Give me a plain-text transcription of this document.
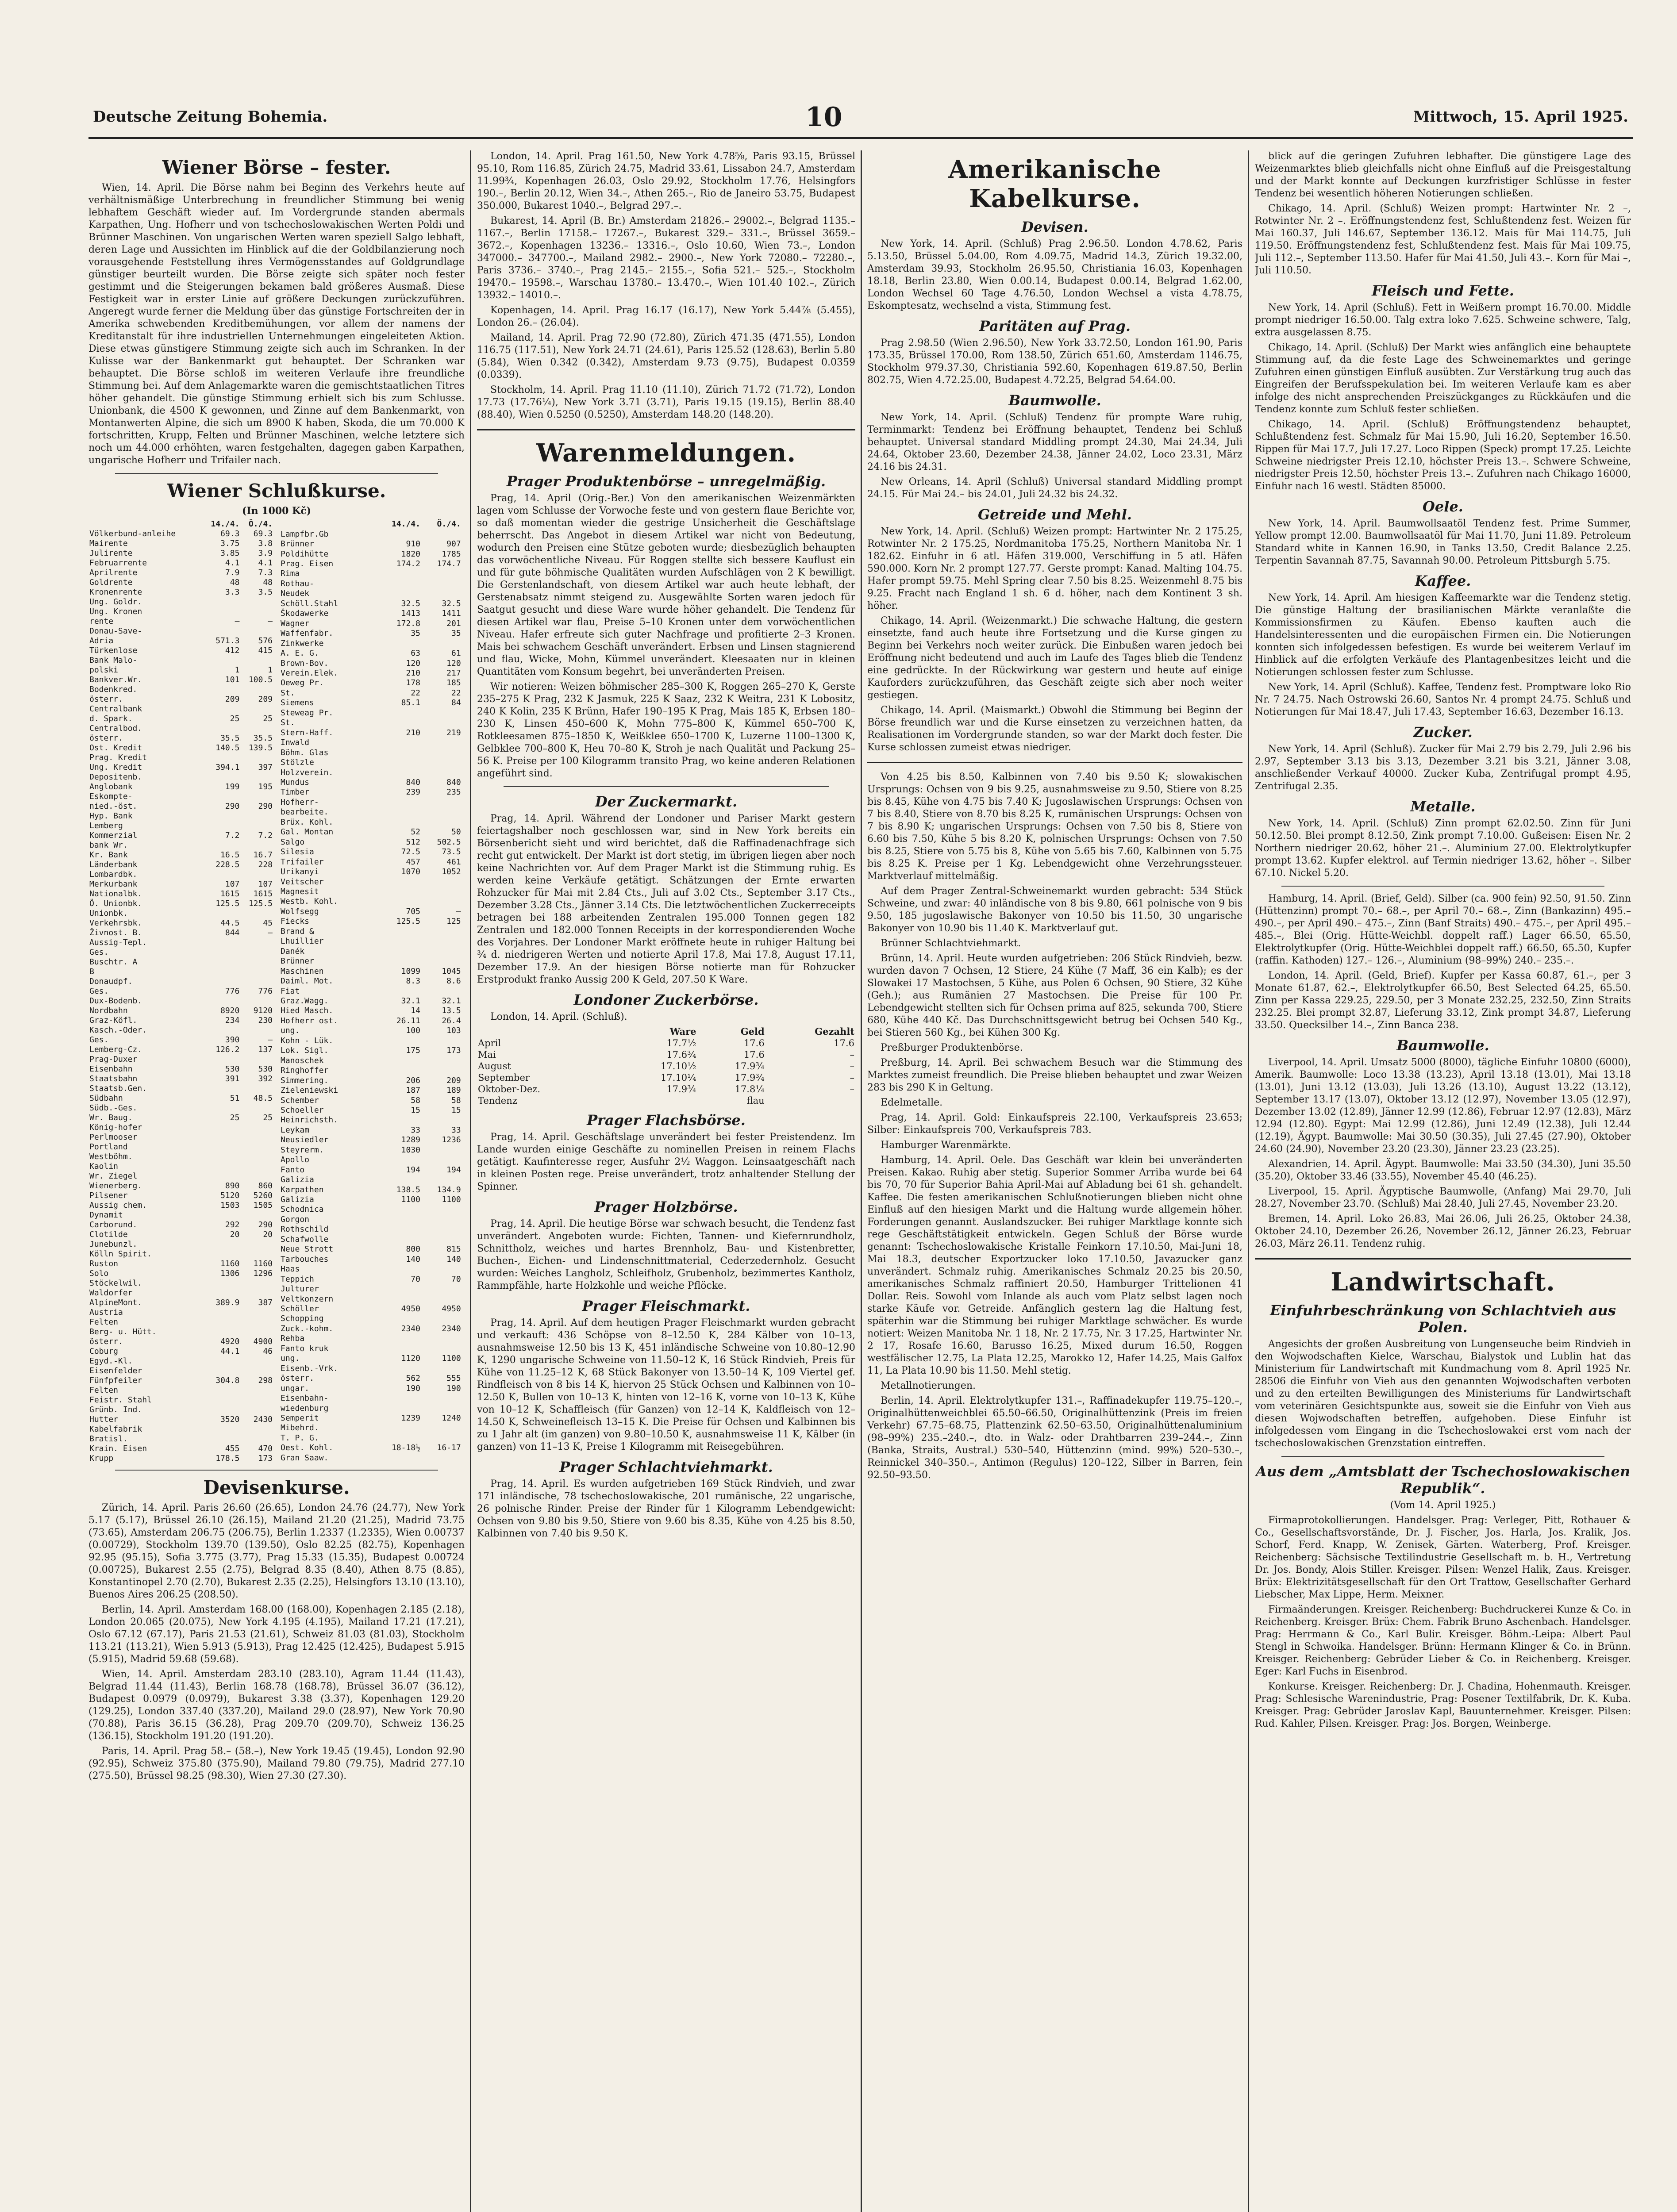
Deutsche Zeitung Bohemia.	10	Mittwoch, 15. April 1925.
Wiener Börse – fester.

Wien, 14. April. Die Börse nahm bei Beginn des Verkehrs heute auf verhältnismäßige Unterbrechung in freundlicher Stimmung bei wenig lebhaftem Geschäft wieder auf. Im Vordergrunde standen abermals Karpathen, Ung. Hofherr und von tschechoslowakischen Werten Poldi und Brünner Maschinen. Von ungarischen Werten waren speziell Salgo lebhaft, deren Lage und Aussichten im Hinblick auf die der Goldbilanzierung noch vorausgehende Feststellung ihres Vermögensstandes auf Goldgrundlage günstiger beurteilt wurden. Die Börse zeigte sich später noch fester gestimmt und die Steigerungen bekamen bald größeres Ausmaß. Diese Festigkeit war in erster Linie auf größere Deckungen zurückzuführen. Angeregt wurde ferner die Meldung über das günstige Fortschreiten der in Amerika schwebenden Kreditbemühungen, vor allem der namens der Kreditanstalt für ihre industriellen Unternehmungen eingeleiteten Aktion. Diese etwas günstigere Stimmung zeigte sich auch im Schranken. In der Kulisse war der Bankenmarkt gut behauptet. Der Schranken war behauptet. Die Börse schloß im weiteren Verlaufe ihre freundliche Stimmung bei. Auf dem Anlagemarkte waren die gemischtstaatlichen Titres höher gehandelt. Die günstige Stimmung erhielt sich bis zum Schlusse. Unionbank, die 4500 K gewonnen, und Zinne auf dem Bankenmarkt, von Montanwerten Alpine, die sich um 8900 K haben, Skoda, die um 70.000 K fortschritten, Krupp, Felten und Brünner Maschinen, welche letztere sich noch um 44.000 erhöhten, waren festgehalten, dagegen gaben Karpathen, ungarische Hofherr und Trifailer nach.

Wiener Schlußkurse.
(In 1000 Kč)
	14./4.	Ö./4.
Völkerbund-anleihe	69.3	69.3
Mairente	3.75	3.8
Julirente	3.85	3.9
Februarrente	4.1	4.1
Aprilrente	7.9	7.3
Goldrente	48	48
Kronenrente	3.3	3.5
Ung. Goldr.		
Ung. Kronen		
rente	–	–
Donau-Save-		
Adria	571.3	576
Türkenlose	412	415
Bank Malo-		
polski	1	1
Bankver.Wr.	101	100.5
Bodenkred.		
österr.	209	209
Centralbank		
d. Spark.	25	25
Centralbod.		
österr.	35.5	35.5
Ost. Kredit	140.5	139.5
Prag. Kredit		
Ung. Kredit	394.1	397
Depositenb.		
Anglobank	199	195
Eskompte-		
nied.-öst.	290	290
Hyp. Bank		
Lemberg		
Kommerzial	7.2	7.2
bank Wr.		
Kr. Bank	16.5	16.7
Länderbank	228.5	228
Lombardbk.		
Merkurbank	107	107
Nationalbk.	1615	1615
Ö. Unionbk.	125.5	125.5
Unionbk.		
Verkehrsbk.	44.5	45
Živnost. B.	844	–
Aussig-Tepl.		
Ges.		
Buschtr. A		
B		
Donaudpf.		
Ges.	776	776
Dux-Bodenb.		
Nordbahn	8920	9120
Graz-Köfl.	234	230
Kasch.-Oder.		
Ges.	390	–
Lemberg-Cz.	126.2	137
Prag-Duxer		
Eisenbahn	530	530
Staatsbahn	391	392
Staatsb.Gen.		
Südbahn	51	48.5
Südb.-Ges.		
Wr. Baug.	25	25
König-hofer		
Perlmooser		
Portland		
Westböhm.		
Kaolin		
Wr. Ziegel		
Wienerberg.	890	860
Pilsener	5120	5260
Aussig chem.	1503	1505
Dynamit		
Carborund.	292	290
Clotilde	20	20
Junebunzl.		
Kölln Spirit.		
Ruston	1160	1160
Solo	1306	1296
Stöckelwil.		
Waldorfer		
AlpineMont.	389.9	387
Austria		
Felten		
Berg- u. Hütt.		
österr.	4920	4900
Coburg	44.1	46
Egyd.-Kl.		
Eisenfelder		
Fünfpfeiler	304.8	298
Felten		
Feistr. Stahl		
Grünb. Ind.		
Hutter	3520	2430
Kabelfabrik		
Bratisl.		
Krain. Eisen	455	470
Krupp	178.5	173
	14./4.	Ö./4.	
Lampfbr.Gb			
Brünner	910	907	
Poldihütte	1820	1785	
Prag. Eisen	174.2	174.7	
Rima			
Rothau-			
Neudek			
Schöll.Stahl	32.5	32.5	
Škodawerke	1413	1411	
Wagner	172.8	201	
Waffenfabr.	35	35	
Zinkwerke			
A. E. G.	63	61	
Brown-Bov.	120	120	
Verein.Elek.	210	217	
Oeweg Pr.	178	185	
St.	22	22	
Siemens	85.1	84	
Steweag Pr.			
St.			
Stern-Haff.	210	219	
Inwald			
Böhm. Glas			
Stölzle			
Holzverein.			
Mundus	840	840	
Timber	239	235	
Hofherr-			
bearbeite.			
Brüx. Kohl.			
Gal. Montan	52	50	
Salgo	512	502.5	
Silesia	72.5	73.5	
Trifailer	457	461	
Urikanyi	1070	1052	
Veitscher			
Magnesit			
Westb. Kohl.			
Wolfsegg	705	–	
Fiecks	125.5	125	
Brand &			
Lhuillier			
Danék			
Brünner			
Maschinen	1099	1045	
Daiml. Mot.	8.3	8.6	
Fiat			
Graz.Wagg.	32.1	32.1	
Hied Masch.	14	13.5	
Hofherr ost.	26.11	26.4	
ung.	100	103	
Kohn - Lük.			
Lok. Sigl.	175	173	
Manoschek			
Ringhoffer			
Simmering.	206	209	
Zieleniewski	187	189	
Schember	58	58	
Schoeller	15	15	
Heinrichsth.			
Leykam	33	33	
Neusiedler	1289	1236	
Steyrerm.	1030		
Apollo			
Fanto	194	194	
Galizia			
Karpathen	138.5	134.9	
Galizia	1100	1100	
Schodnica			
Gorgon			
Rothschild			
Schafwolle			
Neue Strott	800	815	
Tarbouches	140	140	
Haas			
Teppich	70	70	
Julturer			
Veltkonzern			
Schöller	4950	4950	
Schopping			
Zuck.-kohm.	2340	2340	
Rehba			
Fanto kruk			
ung.	1120	1100	
Eisenb.-Vrk.			
österr.	562	555	
ungar.	190	190	
Eisenbahn-			
wiedenburg			
Semperit	1239	1240	
Mibehrd.			
T. P. G.			
Oest. Kohl.	18-18½	16-17	
Gran Saaw.			
Devisenkurse.

Zürich, 14. April. Paris 26.60 (26.65), London 24.76 (24.77), New York 5.17 (5.17), Brüssel 26.10 (26.15), Mailand 21.20 (21.25), Madrid 73.75 (73.65), Amsterdam 206.75 (206.75), Berlin 1.2337 (1.2335), Wien 0.00737 (0.00729), Stockholm 139.70 (139.50), Oslo 82.25 (82.75), Kopenhagen 92.95 (95.15), Sofia 3.775 (3.77), Prag 15.33 (15.35), Budapest 0.00724 (0.00725), Bukarest 2.55 (2.75), Belgrad 8.35 (8.40), Athen 8.75 (8.85), Konstantinopel 2.70 (2.70), Bukarest 2.35 (2.25), Helsingfors 13.10 (13.10), Buenos Aires 206.25 (208.50).

Berlin, 14. April. Amsterdam 168.00 (168.00), Kopenhagen 2.185 (2.18), London 20.065 (20.075), New York 4.195 (4.195), Mailand 17.21 (17.21), Oslo 67.12 (67.17), Paris 21.53 (21.61), Schweiz 81.03 (81.03), Stockholm 113.21 (113.21), Wien 5.913 (5.913), Prag 12.425 (12.425), Budapest 5.915 (5.915), Madrid 59.68 (59.68).

Wien, 14. April. Amsterdam 283.10 (283.10), Agram 11.44 (11.43), Belgrad 11.44 (11.43), Berlin 168.78 (168.78), Brüssel 36.07 (36.12), Budapest 0.0979 (0.0979), Bukarest 3.38 (3.37), Kopenhagen 129.20 (129.25), London 337.40 (337.20), Mailand 29.0 (28.97), New York 70.90 (70.88), Paris 36.15 (36.28), Prag 209.70 (209.70), Schweiz 136.25 (136.15), Stockholm 191.20 (191.20).

Paris, 14. April. Prag 58.– (58.–), New York 19.45 (19.45), London 92.90 (92.95), Schweiz 375.80 (375.90), Mailand 79.80 (79.75), Madrid 277.10 (275.50), Brüssel 98.25 (98.30), Wien 27.30 (27.30).

London, 14. April. Prag 161.50, New York 4.78⅝, Paris 93.15, Brüssel 95.10, Rom 116.85, Zürich 24.75, Madrid 33.61, Lissabon 24.7, Amsterdam 11.99¾, Kopenhagen 26.03, Oslo 29.92, Stockholm 17.76, Helsingfors 190.–, Berlin 20.12, Wien 34.–, Athen 265.–, Rio de Janeiro 53.75, Budapest 350.000, Bukarest 1040.–, Belgrad 297.–.

Bukarest, 14. April (B. Br.) Amsterdam 21826.– 29002.–, Belgrad 1135.– 1167.–, Berlin 17158.– 17267.–, Bukarest 329.– 331.–, Brüssel 3659.– 3672.–, Kopenhagen 13236.– 13316.–, Oslo 10.60, Wien 73.–, London 347000.– 347700.–, Mailand 2982.– 2900.–, New York 72080.– 72280.–, Paris 3736.– 3740.–, Prag 2145.– 2155.–, Sofia 521.– 525.–, Stockholm 19470.– 19598.–, Warschau 13780.– 13.470.–, Wien 101.40 102.–, Zürich 13932.– 14010.–.

Kopenhagen, 14. April. Prag 16.17 (16.17), New York 5.44⅞ (5.455), London 26.– (26.04).

Mailand, 14. April. Prag 72.90 (72.80), Zürich 471.35 (471.55), London 116.75 (117.51), New York 24.71 (24.61), Paris 125.52 (128.63), Berlin 5.80 (5.84), Wien 0.342 (0.342), Amsterdam 9.73 (9.75), Budapest 0.0359 (0.0339).

Stockholm, 14. April. Prag 11.10 (11.10), Zürich 71.72 (71.72), London 17.73 (17.76¼), New York 3.71 (3.71), Paris 19.15 (19.15), Berlin 88.40 (88.40), Wien 0.5250 (0.5250), Amsterdam 148.20 (148.20).

Warenmeldungen.
Prager Produktenbörse – unregelmäßig.

Prag, 14. April (Orig.-Ber.) Von den amerikanischen Weizenmärkten lagen vom Schlusse der Vorwoche feste und von gestern flaue Berichte vor, so daß momentan wieder die gestrige Unsicherheit die Geschäftslage beherrscht. Das Angebot in diesem Artikel war nicht von Bedeutung, wodurch den Preisen eine Stütze geboten wurde; diesbezüglich behaupten das vorwöchentliche Niveau. Für Roggen stellte sich bessere Kauflust ein und für gute böhmische Qualitäten wurden Aufschlägen von 2 K bewilligt. Die Gerstenlandschaft, von diesem Artikel war auch heute lebhaft, der Gerstenabsatz nimmt steigend zu. Ausgewählte Sorten waren jedoch für Saatgut gesucht und diese Ware wurde höher gehandelt. Die Tendenz für diesen Artikel war flau, Preise 5–10 Kronen unter dem vorwöchentlichen Niveau. Hafer erfreute sich guter Nachfrage und profitierte 2–3 Kronen. Mais bei schwachem Geschäft unverändert. Erbsen und Linsen stagnierend und flau, Wicke, Mohn, Kümmel unverändert. Kleesaaten nur in kleinen Quantitäten vom Konsum begehrt, bei unveränderten Preisen.

Wir notieren: Weizen böhmischer 285–300 K, Roggen 265–270 K, Gerste 235–275 K Prag, 232 K Jasmuk, 225 K Saaz, 232 K Weitra, 231 K Lobositz, 240 K Kolin, 235 K Brünn, Hafer 190–195 K Prag, Mais 185 K, Erbsen 180–230 K, Linsen 450–600 K, Mohn 775–800 K, Kümmel 650–700 K, Rotkleesamen 875–1850 K, Weißklee 650–1700 K, Luzerne 1100–1300 K, Gelbklee 700–800 K, Heu 70–80 K, Stroh je nach Qualität und Packung 25–56 K. Preise per 100 Kilogramm transito Prag, wo keine anderen Relationen angeführt sind.

Der Zuckermarkt.

Prag, 14. April. Während der Londoner und Pariser Markt gestern feiertagshalber noch geschlossen war, sind in New York bereits ein Börsenbericht sieht und wird berichtet, daß die Raffinadenachfrage sich recht gut entwickelt. Der Markt ist dort stetig, im übrigen liegen aber noch keine Nachrichten vor. Auf dem Prager Markt ist die Stimmung ruhig. Es werden keine Verkäufe getätigt. Schätzungen der Ernte erwarten Rohzucker für Mai mit 2.84 Cts., Juli auf 3.02 Cts., September 3.17 Cts., Dezember 3.28 Cts., Jänner 3.14 Cts. Die letztwöchentlichen Zuckerreceipts betragen bei 188 arbeitenden Zentralen 195.000 Tonnen gegen 182 Zentralen und 182.000 Tonnen Receipts in der korrespondierenden Woche des Vorjahres. Der Londoner Markt eröffnete heute in ruhiger Haltung bei ¾ d. niedrigeren Werten und notierte April 17.8, Mai 17.8, August 17.11, Dezember 17.9. An der hiesigen Börse notierte man für Rohzucker Erstprodukt franko Aussig 200 K Geld, 207.50 K Ware.

Londoner Zuckerbörse.

London, 14. April. (Schluß).

	Ware	Geld	Gezahlt
April	17.7½	17.6	17.6
Mai	17.6¾	17.6	–
August	17.10½	17.9¾	–
September	17.10¼	17.9¾	–
Oktober-Dez.	17.9¾	17.8¼	–
Tendenz		flau	
Prager Flachsbörse.

Prag, 14. April. Geschäftslage unverändert bei fester Preistendenz. Im Lande wurden einige Geschäfte zu nominellen Preisen in reinem Flachs getätigt. Kaufinteresse reger, Ausfuhr 2½ Waggon. Leinsaatgeschäft nach in kleinen Posten rege. Preise unverändert, trotz anhaltender Stellung der Spinner.

Prager Holzbörse.

Prag, 14. April. Die heutige Börse war schwach besucht, die Tendenz fast unverändert. Angeboten wurde: Fichten, Tannen- und Kiefernrundholz, Schnittholz, weiches und hartes Brennholz, Bau- und Kistenbretter, Buchen-, Eichen- und Lindenschnittmaterial, Cederzedernholz. Gesucht wurden: Weiches Langholz, Schleifholz, Grubenholz, bezimmertes Kantholz, Rammpfähle, harte Holzkohle und weiche Pflöcke.

Prager Fleischmarkt.

Prag, 14. April. Auf dem heutigen Prager Fleischmarkt wurden gebracht und verkauft: 436 Schöpse von 8–12.50 K, 284 Kälber von 10–13, ausnahmsweise 12.50 bis 13 K, 451 inländische Schweine von 10.80–12.90 K, 1290 ungarische Schweine von 11.50–12 K, 16 Stück Rindvieh, Preis für Kühe von 11.25–12 K, 68 Stück Bakonyer von 13.50–14 K, 109 Viertel gef. Rindfleisch von 8 bis 14 K, hiervon 25 Stück Ochsen und Kalbinnen von 10–12.50 K, Bullen von 10–13 K, hinten von 12–16 K, vorne von 10–13 K, Kühe von 10–12 K, Schaffleisch (für Ganzen) von 12–14 K, Kaldfleisch von 12–14.50 K, Schweinefleisch 13–15 K. Die Preise für Ochsen und Kalbinnen bis zu 1 Jahr alt (im ganzen) von 9.80–10.50 K, ausnahmsweise 11 K, Kälber (in ganzen) von 11–13 K, Preise 1 Kilogramm mit Reisegebühren.

Prager Schlachtviehmarkt.

Prag, 14. April. Es wurden aufgetrieben 169 Stück Rindvieh, und zwar 171 inländische, 78 tschechoslowakische, 201 rumänische, 22 ungarische, 26 polnische Rinder. Preise der Rinder für 1 Kilogramm Lebendgewicht: Ochsen von 9.80 bis 9.50, Stiere von 9.60 bis 8.35, Kühe von 4.25 bis 8.50, Kalbinnen von 7.40 bis 9.50 K.

Amerikanische Kabelkurse.
Devisen.

New York, 14. April. (Schluß) Prag 2.96.50. London 4.78.62, Paris 5.13.50, Brüssel 5.04.00, Rom 4.09.75, Madrid 14.3, Zürich 19.32.00, Amsterdam 39.93, Stockholm 26.95.50, Christiania 16.03, Kopenhagen 18.18, Berlin 23.80, Wien 0.00.14, Budapest 0.00.14, Belgrad 1.62.00, London Wechsel 60 Tage 4.76.50, London Wechsel a vista 4.78.75, Eskomptesatz, wechselnd a vista, Stimmung fest.

Paritäten auf Prag.

Prag 2.98.50 (Wien 2.96.50), New York 33.72.50, London 161.90, Paris 173.35, Brüssel 170.00, Rom 138.50, Zürich 651.60, Amsterdam 1146.75, Stockholm 979.37.30, Christiania 592.60, Kopenhagen 619.87.50, Berlin 802.75, Wien 4.72.25.00, Budapest 4.72.25, Belgrad 54.64.00.

Baumwolle.

New York, 14. April. (Schluß) Tendenz für prompte Ware ruhig, Terminmarkt: Tendenz bei Eröffnung behauptet, Tendenz bei Schluß behauptet. Universal standard Middling prompt 24.30, Mai 24.34, Juli 24.64, Oktober 23.60, Dezember 24.38, Jänner 24.02, Loco 23.31, März 24.16 bis 24.31.

New Orleans, 14. April (Schluß) Universal standard Middling prompt 24.15. Für Mai 24.– bis 24.01, Juli 24.32 bis 24.32.

Getreide und Mehl.

New York, 14. April. (Schluß) Weizen prompt: Hartwinter Nr. 2 175.25, Rotwinter Nr. 2 175.25, Nordmanitoba 175.25, Northern Manitoba Nr. 1 182.62. Einfuhr in 6 atl. Häfen 319.000, Verschiffung in 5 atl. Häfen 590.000. Korn Nr. 2 prompt 127.77. Gerste prompt: Kanad. Malting 104.75. Hafer prompt 59.75. Mehl Spring clear 7.50 bis 8.25. Weizenmehl 8.75 bis 9.25. Fracht nach England 1 sh. 6 d. höher, nach dem Kontinent 3 sh. höher.

Chikago, 14. April. (Weizenmarkt.) Die schwache Haltung, die gestern einsetzte, fand auch heute ihre Fortsetzung und die Kurse gingen zu Beginn bei Verkehrs noch weiter zurück. Die Einbußen waren jedoch bei Eröffnung nicht bedeutend und auch im Laufe des Tages blieb die Tendenz eine gedrückte. In der Rückwirkung war gestern und heute auf einige Kauforders zurückzuführen, das Geschäft zeigte sich aber noch weiter gestiegen.

Chikago, 14. April. (Maismarkt.) Obwohl die Stimmung bei Beginn der Börse freundlich war und die Kurse einsetzen zu verzeichnen hatten, da Realisationen im Vordergrunde standen, so war der Markt doch fester. Die Kurse schlossen zumeist etwas niedriger.

Von 4.25 bis 8.50, Kalbinnen von 7.40 bis 9.50 K; slowakischen Ursprungs: Ochsen von 9 bis 9.25, ausnahmsweise zu 9.50, Stiere von 8.25 bis 8.45, Kühe von 4.75 bis 7.40 K; Jugoslawischen Ursprungs: Ochsen von 7 bis 8.40, Stiere von 8.70 bis 8.25 K, rumänischen Ursprungs: Ochsen von 7 bis 8.90 K; ungarischen Ursprungs: Ochsen von 7.50 bis 8, Stiere von 6.60 bis 7.50, Kühe 5 bis 8.20 K, polnischen Ursprungs: Ochsen von 7.50 bis 8.25, Stiere von 5.75 bis 8, Kühe von 5.65 bis 7.60, Kalbinnen von 5.75 bis 8.25 K. Preise per 1 Kg. Lebendgewicht ohne Verzehrungssteuer. Marktverlauf mittelmäßig.

Auf dem Prager Zentral-Schweinemarkt wurden gebracht: 534 Stück Schweine, und zwar: 40 inländische von 8 bis 9.80, 661 polnische von 9 bis 9.50, 185 jugoslawische Bakonyer von 10.50 bis 11.50, 30 ungarische Bakonyer von 10.90 bis 11.40 K. Marktverlauf gut.

Brünner Schlachtviehmarkt.

Brünn, 14. April. Heute wurden aufgetrieben: 206 Stück Rindvieh, bezw. wurden davon 7 Ochsen, 12 Stiere, 24 Kühe (7 Maff, 36 ein Kalb); es der Slowakei 17 Mastochsen, 5 Kühe, aus Polen 6 Ochsen, 90 Stiere, 32 Kühe (Geh.); aus Rumänien 27 Mastochsen. Die Preise für 100 Pr. Lebendgewicht stellten sich für Ochsen prima auf 825, sekunda 700, Stiere 680, Kühe 440 Kč. Das Durchschnittsgewicht betrug bei Ochsen 540 Kg., bei Stieren 560 Kg., bei Kühen 300 Kg.

Preßburger Produktenbörse.

Preßburg, 14. April. Bei schwachem Besuch war die Stimmung des Marktes zumeist freundlich. Die Preise blieben behauptet und zwar Weizen 283 bis 290 K in Geltung.

Edelmetalle.

Prag, 14. April. Gold: Einkaufspreis 22.100, Verkaufspreis 23.653; Silber: Einkaufspreis 700, Verkaufspreis 783.

Hamburger Warenmärkte.

Hamburg, 14. April. Oele. Das Geschäft war klein bei unveränderten Preisen. Kakao. Ruhig aber stetig. Superior Sommer Arriba wurde bei 64 bis 70, 70 für Superior Bahia April-Mai auf Abladung bei 61 sh. gehandelt. Kaffee. Die festen amerikanischen Schlußnotierungen blieben nicht ohne Einfluß auf den hiesigen Markt und die Haltung wurde allgemein höher. Forderungen genannt. Auslandszucker. Bei ruhiger Marktlage konnte sich rege Geschäftstätigkeit entwickeln. Gegen Schluß der Börse wurde genannt: Tschechoslowakische Kristalle Feinkorn 17.10.50, Mai-Juni 18, Mai 18.3, deutscher Exportzucker loko 17.10.50, Javazucker ganz unverändert. Schmalz ruhig. Amerikanisches Schmalz 20.25 bis 20.50, amerikanisches Schmalz raffiniert 20.50, Hamburger Trittelionen 41 Dollar. Reis. Sowohl vom Inlande als auch vom Platz selbst lagen noch starke Käufe vor. Getreide. Anfänglich gestern lag die Haltung fest, späterhin war die Stimmung bei ruhiger Marktlage schwächer. Es wurde notiert: Weizen Manitoba Nr. 1 18, Nr. 2 17.75, Nr. 3 17.25, Hartwinter Nr. 2 17, Rosafe 16.60, Barusso 16.25, Mixed durum 16.50, Roggen westfälischer 12.75, La Plata 12.25, Marokko 12, Hafer 14.25, Mais Galfox 11, La Plata 10.90 bis 11.50. Mehl stetig.

Metallnotierungen.

Berlin, 14. April. Elektrolytkupfer 131.–, Raffinadekupfer 119.75–120.–, Originalhüttenweichblei 65.50–66.50, Originalhüttenzink (Preis im freien Verkehr) 67.75–68.75, Plattenzink 62.50–63.50, Originalhüttenaluminium (98–99%) 235.–240.–, dto. in Walz- oder Drahtbarren 239–244.–, Zinn (Banka, Straits, Austral.) 530–540, Hüttenzinn (mind. 99%) 520–530.–, Reinnickel 340–350.–, Antimon (Regulus) 120–122, Silber in Barren, fein 92.50–93.50.

blick auf die geringen Zufuhren lebhafter. Die günstigere Lage des Weizenmarktes blieb gleichfalls nicht ohne Einfluß auf die Preisgestaltung und der Markt konnte auf Deckungen kurzfristiger Schlüsse in fester Tendenz bei wesentlich höheren Notierungen schließen.

Chikago, 14. April. (Schluß) Weizen prompt: Hartwinter Nr. 2 –, Rotwinter Nr. 2 –. Eröffnungstendenz fest, Schlußtendenz fest. Weizen für Mai 160.37, Juli 146.67, September 136.12. Mais für Mai 114.75, Juli 119.50. Eröffnungstendenz fest, Schlußtendenz fest. Mais für Mai 109.75, Juli 112.–, September 113.50. Hafer für Mai 41.50, Juli 43.–. Korn für Mai –, Juli 110.50.

Fleisch und Fette.

New York, 14. April (Schluß). Fett in Weißern prompt 16.70.00. Middle prompt niedriger 16.50.00. Talg extra loko 7.625. Schweine schwere, Talg, extra ausgelassen 8.75.

Chikago, 14. April. (Schluß) Der Markt wies anfänglich eine behauptete Stimmung auf, da die feste Lage des Schweinemarktes und geringe Zufuhren einen günstigen Einfluß ausübten. Zur Verstärkung trug auch das Eingreifen der Berufsspekulation bei. Im weiteren Verlaufe kam es aber infolge des nicht ansprechenden Preiszückganges zu Rückkäufen und die Tendenz konnte zum Schluß fester schließen.

Chikago, 14. April. (Schluß) Eröffnungstendenz behauptet, Schlußtendenz fest. Schmalz für Mai 15.90, Juli 16.20, September 16.50. Rippen für Mai 17.7, Juli 17.27. Loco Rippen (Speck) prompt 17.25. Leichte Schweine niedrigster Preis 12.10, höchster Preis 13.–. Schwere Schweine, niedrigster Preis 12.50, höchster Preis 13.–. Zufuhren nach Chikago 16000, Einfuhr nach 16 westl. Städten 85000.

Oele.

New York, 14. April. Baumwollsaatöl Tendenz fest. Prime Summer, Yellow prompt 12.00. Baumwollsaatöl für Mai 11.70, Juni 11.89. Petroleum Standard white in Kannen 16.90, in Tanks 13.50, Credit Balance 2.25. Terpentin Savannah 87.75, Savannah 90.00. Petroleum Pittsburgh 5.75.

Kaffee.

New York, 14. April. Am hiesigen Kaffeemarkte war die Tendenz stetig. Die günstige Haltung der brasilianischen Märkte veranlaßte die Kommissionsfirmen zu Käufen. Ebenso kauften auch die Handelsinteressenten und die europäischen Firmen ein. Die Notierungen konnten sich infolgedessen befestigen. Es wurde bei weiterem Verlauf im Hinblick auf die erfolgten Verkäufe des Plantagenbesitzes leicht und die Notierungen schlossen fester zum Schlusse.

New York, 14. April (Schluß). Kaffee, Tendenz fest. Promptware loko Rio Nr. 7 24.75. Nach Ostrowski 26.60, Santos Nr. 4 prompt 24.75. Schluß und Notierungen für Mai 18.47, Juli 17.43, September 16.63, Dezember 16.13.

Zucker.

New York, 14. April (Schluß). Zucker für Mai 2.79 bis 2.79, Juli 2.96 bis 2.97, September 3.13 bis 3.13, Dezember 3.21 bis 3.21, Jänner 3.08, anschließender Verkauf 40000. Zucker Kuba, Zentrifugal prompt 4.95, Zentrifugal 2.35.

Metalle.

New York, 14. April. (Schluß) Zinn prompt 62.02.50. Zinn für Juni 50.12.50. Blei prompt 8.12.50, Zink prompt 7.10.00. Gußeisen: Eisen Nr. 2 Northern niedriger 20.62, höher 21.–. Aluminium 27.00. Elektrolytkupfer prompt 13.62. Kupfer elektrol. auf Termin niedriger 13.62, höher –. Silber 67.10. Nickel 5.20.

Hamburg, 14. April. (Brief, Geld). Silber (ca. 900 fein) 92.50, 91.50. Zinn (Hüttenzinn) prompt 70.– 68.–, per April 70.– 68.–, Zinn (Bankazinn) 495.– 490.–, per April 490.– 475.–, Zinn (Banf Straits) 490.– 475.–, per April 495.– 485.–, Blei (Orig. Hütte-Weichbl. doppelt raff.) Lager 66.50, 65.50, Elektrolytkupfer (Orig. Hütte-Weichblei doppelt raff.) 66.50, 65.50, Kupfer (raffin. Kathoden) 127.– 126.–, Aluminium (98–99%) 240.– 235.–.

London, 14. April. (Geld, Brief). Kupfer per Kassa 60.87, 61.–, per 3 Monate 61.87, 62.–, Elektrolytkupfer 66.50, Best Selected 64.25, 65.50. Zinn per Kassa 229.25, 229.50, per 3 Monate 232.25, 232.50, Zinn Straits 232.25. Blei prompt 32.87, Lieferung 33.12, Zink prompt 34.87, Lieferung 33.50. Quecksilber 14.–, Zinn Banca 238.

Baumwolle.

Liverpool, 14. April. Umsatz 5000 (8000), tägliche Einfuhr 10800 (6000), Amerik. Baumwolle: Loco 13.38 (13.23), April 13.18 (13.01), Mai 13.18 (13.01), Juni 13.12 (13.03), Juli 13.26 (13.10), August 13.22 (13.12), September 13.17 (13.07), Oktober 13.12 (12.97), November 13.05 (12.97), Dezember 13.02 (12.89), Jänner 12.99 (12.86), Februar 12.97 (12.83), März 12.94 (12.80). Egypt: Mai 12.99 (12.86), Juni 12.49 (12.38), Juli 12.44 (12.19), Ägypt. Baumwolle: Mai 30.50 (30.35), Juli 27.45 (27.90), Oktober 24.60 (24.90), November 23.20 (23.30), Jänner 23.23 (23.25).

Alexandrien, 14. April. Ägypt. Baumwolle: Mai 33.50 (34.30), Juni 35.50 (35.20), Oktober 33.46 (33.55), November 45.40 (46.25).

Liverpool, 15. April. Ägyptische Baumwolle, (Anfang) Mai 29.70, Juli 28.27, November 23.70. (Schluß) Mai 28.40, Juli 27.45, November 23.20.

Bremen, 14. April. Loko 26.83, Mai 26.06, Juli 26.25, Oktober 24.38, Oktober 24.10, Dezember 26.26, November 26.12, Jänner 26.23, Februar 26.03, März 26.11. Tendenz ruhig.

Landwirtschaft.
Einfuhrbeschränkung von Schlachtvieh aus Polen.

Angesichts der großen Ausbreitung von Lungenseuche beim Rindvieh in den Wojwodschaften Kielce, Warschau, Bialystok und Lublin hat das Ministerium für Landwirtschaft mit Kundmachung vom 8. April 1925 Nr. 28506 die Einfuhr von Vieh aus den genannten Wojwodschaften verboten und zu den erteilten Bewilligungen des Ministeriums für Landwirtschaft vom veterinären Gesichtspunkte aus, soweit sie die Einfuhr von Vieh aus diesen Wojwodschaften betreffen, aufgehoben. Diese Einfuhr ist infolgedessen vom Eingang in die Tschechoslowakei erst vom nach der tschechoslowakischen Grenzstation eintreffen.

Aus dem „Amtsblatt der Tschechoslowakischen Republik“.

(Vom 14. April 1925.)

Firmaprotokollierungen. Handelsger. Prag: Verleger, Pitt, Rothauer & Co., Gesellschaftsvorstände, Dr. J. Fischer, Jos. Harla, Jos. Kralik, Jos. Schorf, Ferd. Knapp, W. Zenisek, Gärten. Waterberg, Prof. Kreisger. Reichenberg: Sächsische Textilindustrie Gesellschaft m. b. H., Vertretung Dr. Jos. Bondy, Alois Stiller. Kreisger. Pilsen: Wenzel Halik, Zaus. Kreisger. Brüx: Elektrizitätsgesellschaft für den Ort Trattow, Gesellschafter Gerhard Liebscher, Max Lippe, Herm. Meixner.

Firmaänderungen. Kreisger. Reichenberg: Buchdruckerei Kunze & Co. in Reichenberg. Kreisger. Brüx: Chem. Fabrik Bruno Aschenbach. Handelsger. Prag: Herrmann & Co., Karl Bulir. Kreisger. Böhm.-Leipa: Albert Paul Stengl in Schwoika. Handelsger. Brünn: Hermann Klinger & Co. in Brünn. Kreisger. Reichenberg: Gebrüder Lieber & Co. in Reichenberg. Kreisger. Eger: Karl Fuchs in Eisenbrod.

Konkurse. Kreisger. Reichenberg: Dr. J. Chadina, Hohenmauth. Kreisger. Prag: Schlesische Warenindustrie, Prag: Posener Textilfabrik, Dr. K. Kuba. Kreisger. Prag: Gebrüder Jaroslav Kapl, Bauunternehmer. Kreisger. Pilsen: Rud. Kahler, Pilsen. Kreisger. Prag: Jos. Borgen, Weinberge.
